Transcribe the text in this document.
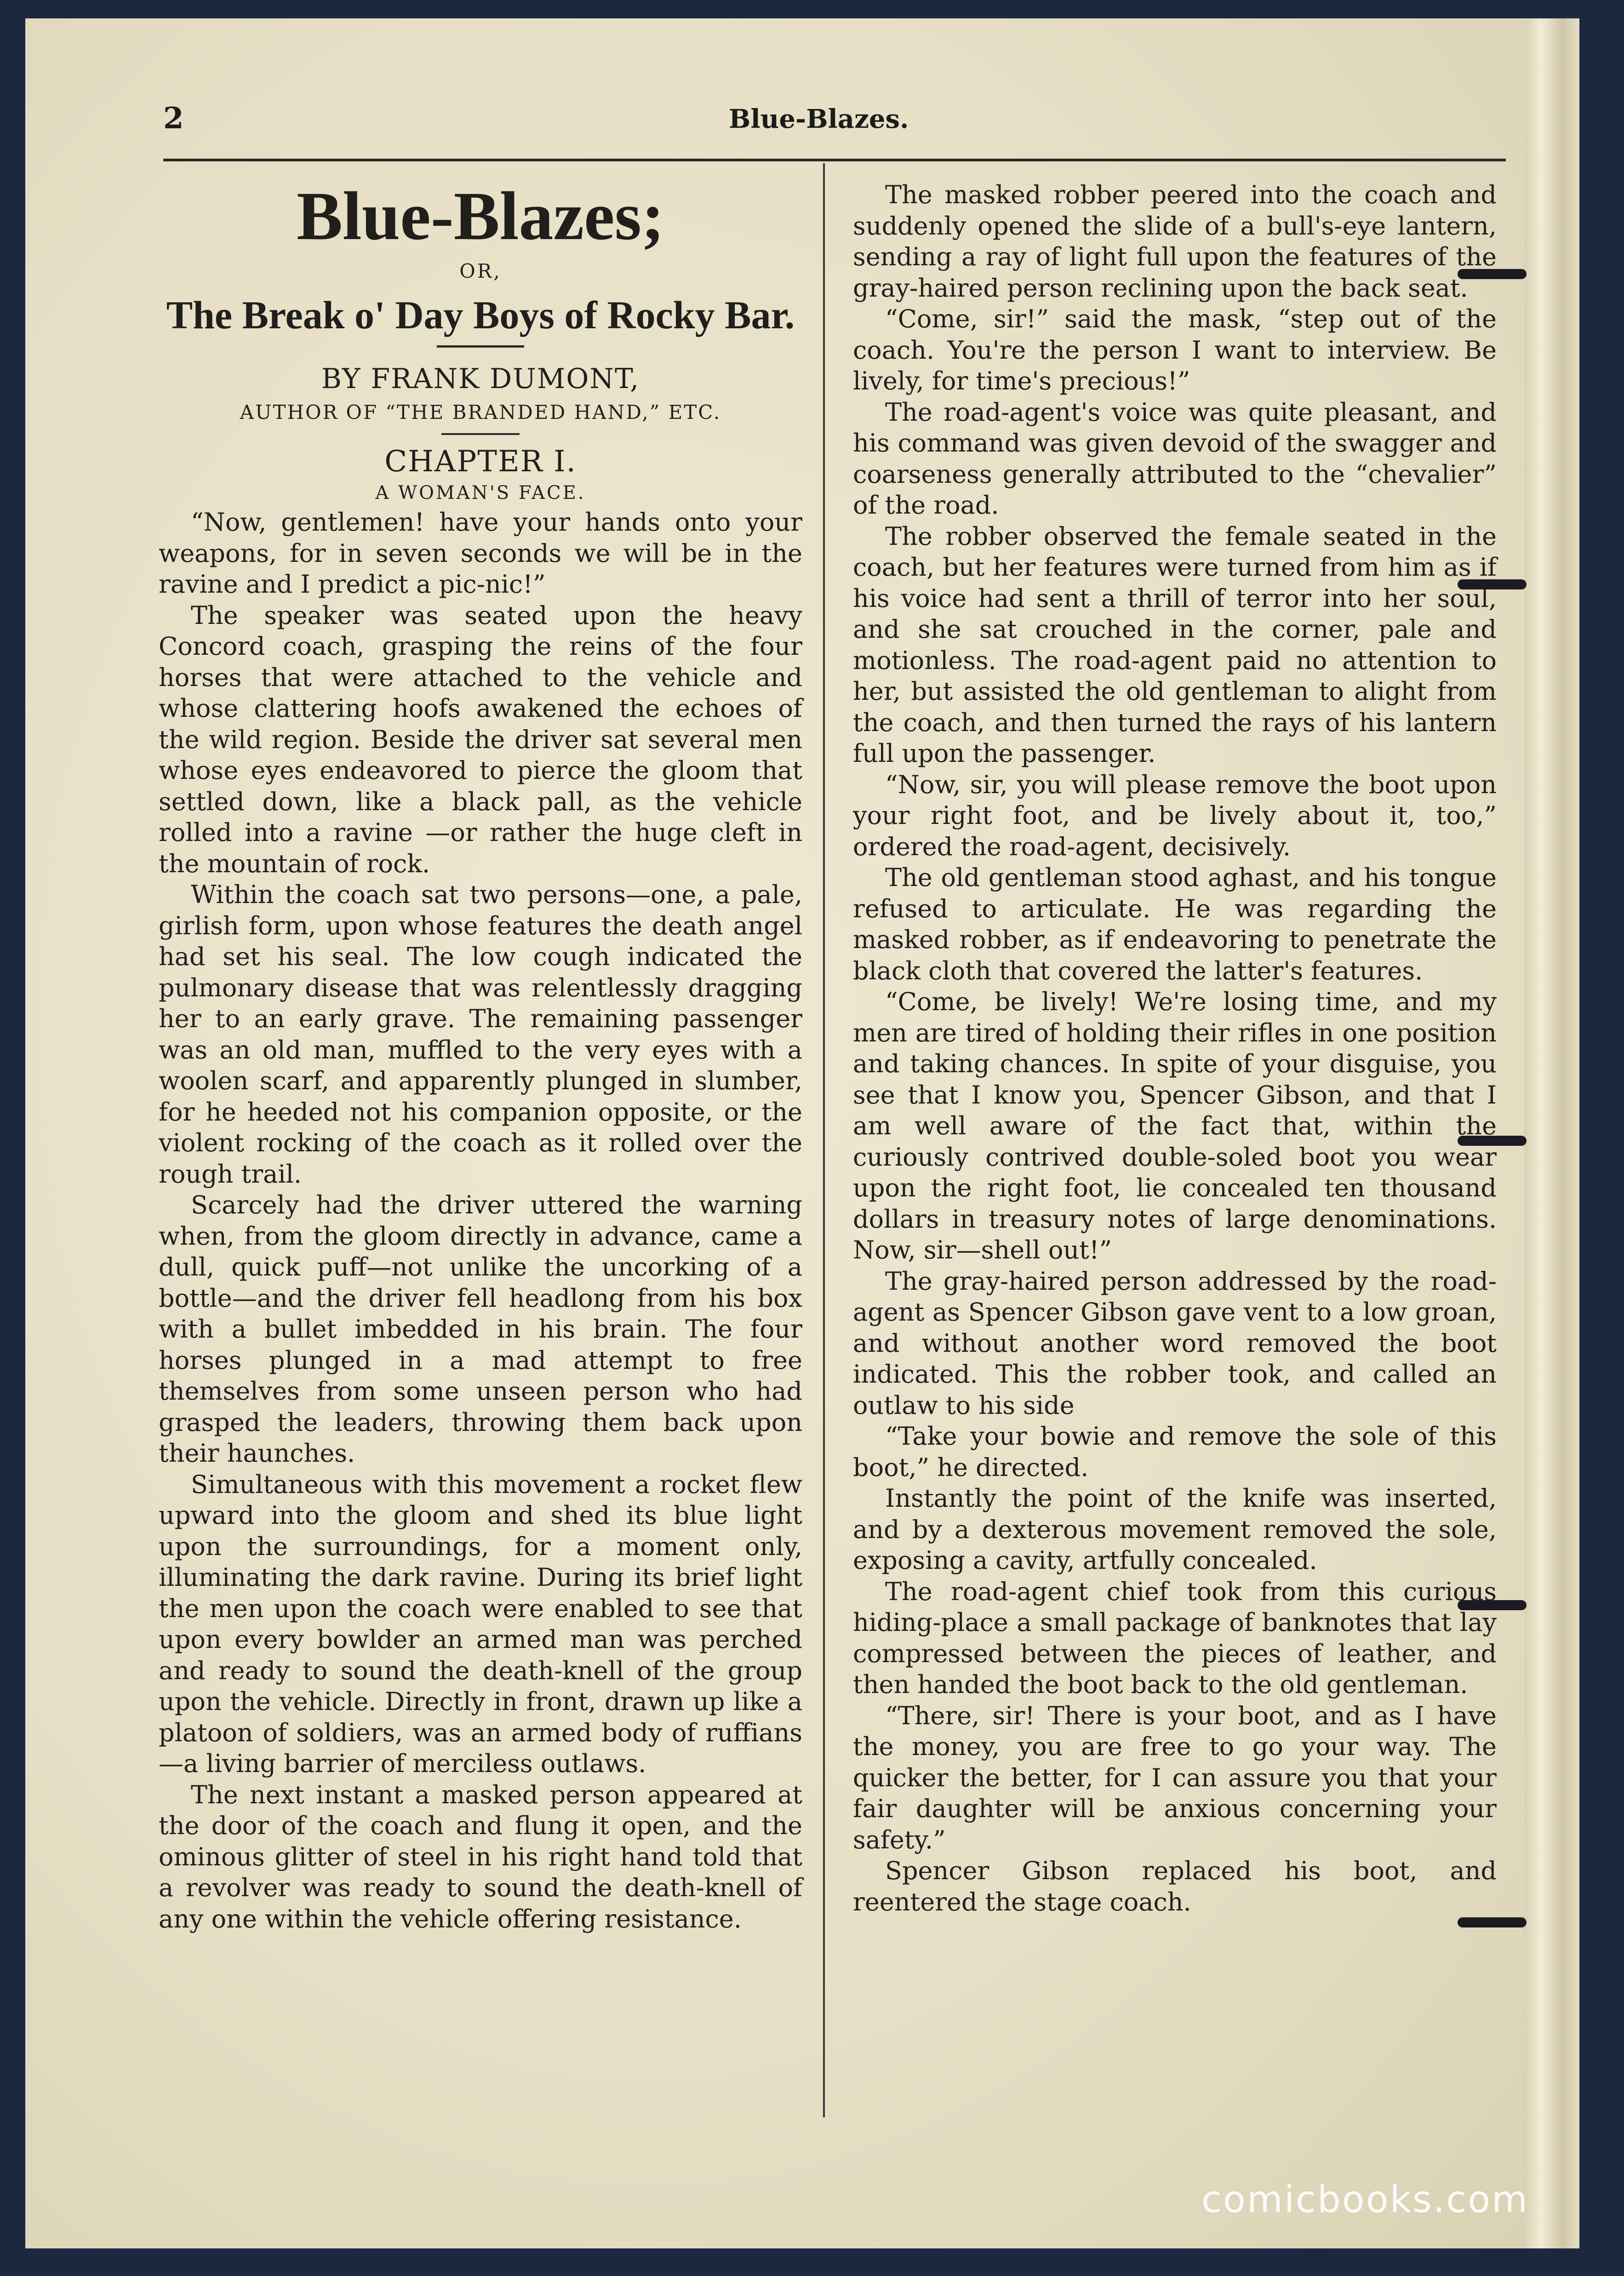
2	Blue-Blazes.
Blue-Blazes;
OR,
The Break o' Day Boys of Rocky Bar.
BY FRANK DUMONT,
AUTHOR OF “THE BRANDED HAND,” ETC.
CHAPTER I.
A WOMAN'S FACE.

“Now, gentlemen! have your hands onto your weapons, for in seven seconds we will be in the ravine and I predict a pic-nic!”

The speaker was seated upon the heavy Concord coach, grasping the reins of the four horses that were attached to the vehicle and whose clattering hoofs awakened the echoes of the wild region. Beside the driver sat several men whose eyes endeavored to pierce the gloom that settled down, like a black pall, as the vehicle rolled into a ravine —or rather the huge cleft in the mountain of rock.

Within the coach sat two persons—one, a pale, girlish form, upon whose features the death angel had set his seal. The low cough indicated the pulmonary disease that was relentlessly dragging her to an early grave. The remaining passenger was an old man, muffled to the very eyes with a woolen scarf, and apparently plunged in slumber, for he heeded not his companion opposite, or the violent rocking of the coach as it rolled over the rough trail.

Scarcely had the driver uttered the warning when, from the gloom directly in advance, came a dull, quick puff—not unlike the uncorking of a bottle—and the driver fell headlong from his box with a bullet imbedded in his brain. The four horses plunged in a mad attempt to free themselves from some unseen person who had grasped the leaders, throwing them back upon their haunches.

Simultaneous with this movement a rocket flew upward into the gloom and shed its blue light upon the surroundings, for a moment only, illuminating the dark ravine. During its brief light the men upon the coach were enabled to see that upon every bowlder an armed man was perched and ready to sound the death-knell of the group upon the vehicle. Directly in front, drawn up like a platoon of soldiers, was an armed body of ruffians—a living barrier of merciless outlaws.

The next instant a masked person appeared at the door of the coach and flung it open, and the ominous glitter of steel in his right hand told that a revolver was ready to sound the death-knell of any one within the vehicle offering resistance.

The masked robber peered into the coach and suddenly opened the slide of a bull's-eye lantern, sending a ray of light full upon the features of the gray-haired person reclining upon the back seat.

“Come, sir!” said the mask, “step out of the coach. You're the person I want to interview. Be lively, for time's precious!”

The road-agent's voice was quite pleasant, and his command was given devoid of the swagger and coarseness generally attributed to the “chevalier” of the road.

The robber observed the female seated in the coach, but her features were turned from him as if his voice had sent a thrill of terror into her soul, and she sat crouched in the corner, pale and motionless. The road-agent paid no attention to her, but assisted the old gentleman to alight from the coach, and then turned the rays of his lantern full upon the passenger.

“Now, sir, you will please remove the boot upon your right foot, and be lively about it, too,” ordered the road-agent, decisively.

The old gentleman stood aghast, and his tongue refused to articulate. He was regarding the masked robber, as if endeavoring to penetrate the black cloth that covered the latter's features.

“Come, be lively! We're losing time, and my men are tired of holding their rifles in one position and taking chances. In spite of your disguise, you see that I know you, Spencer Gibson, and that I am well aware of the fact that, within the curiously contrived double-soled boot you wear upon the right foot, lie concealed ten thousand dollars in treasury notes of large denominations. Now, sir—shell out!”

The gray-haired person addressed by the road-agent as Spencer Gibson gave vent to a low groan, and without another word removed the boot indicated. This the robber took, and called an outlaw to his side

“Take your bowie and remove the sole of this boot,” he directed.

Instantly the point of the knife was inserted, and by a dexterous movement removed the sole, exposing a cavity, artfully concealed.

The road-agent chief took from this curious hiding-place a small package of banknotes that lay compressed between the pieces of leather, and then handed the boot back to the old gentleman.

“There, sir! There is your boot, and as I have the money, you are free to go your way. The quicker the better, for I can assure you that your fair daughter will be anxious concerning your safety.”

Spencer Gibson replaced his boot, and reentered the stage coach.

comicbooks.com
